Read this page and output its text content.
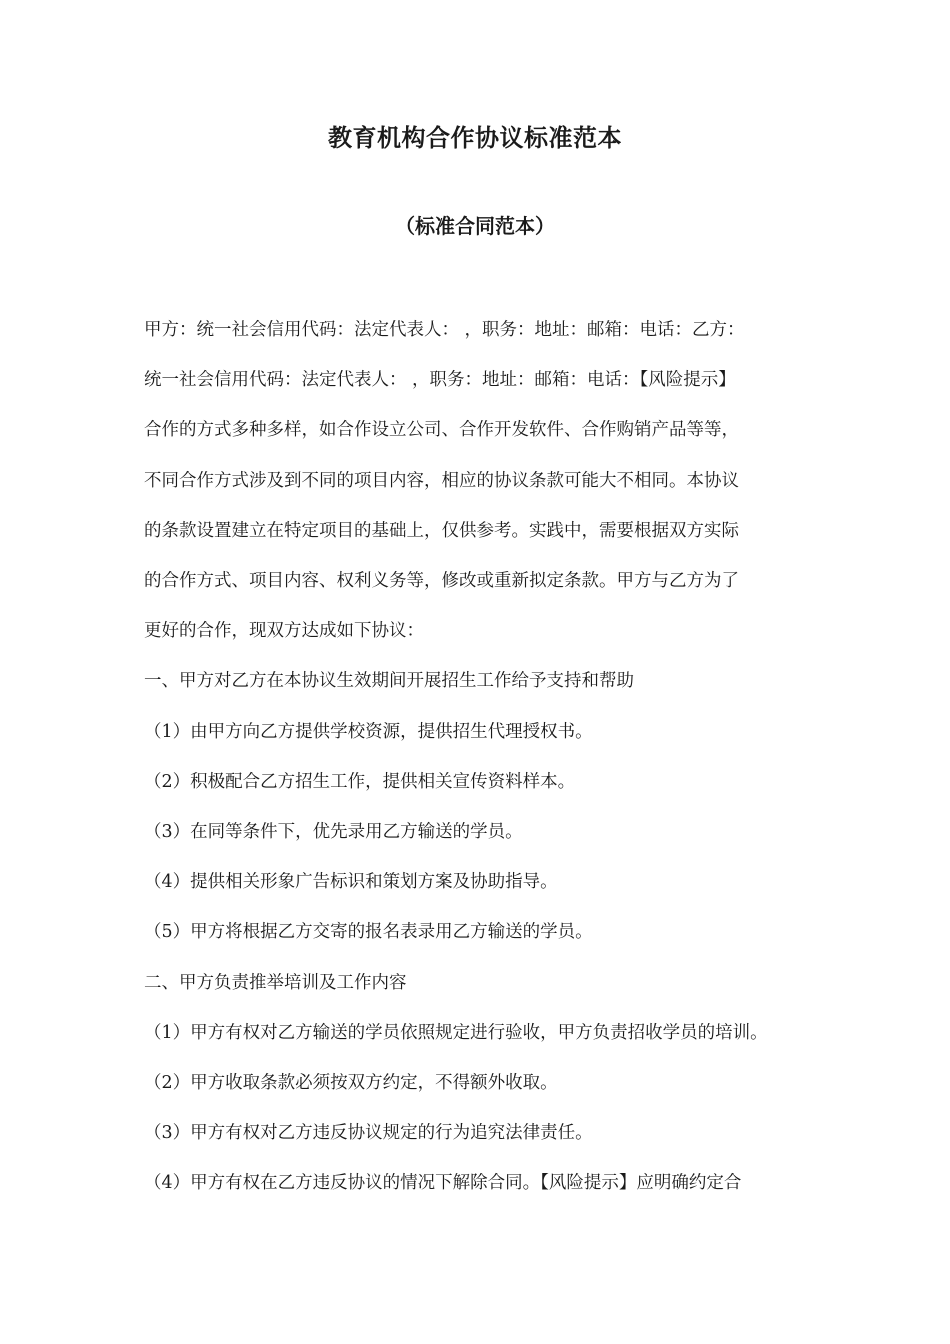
教育机构合作协议标准范本
（标准合同范本）

甲方：统一社会信用代码：法定代表人： ，职务：地址：邮箱：电话：乙方：

统一社会信用代码：法定代表人： ，职务：地址：邮箱：电话：【风险提示】

合作的方式多种多样，如合作设立公司、合作开发软件、合作购销产品等等，

不同合作方式涉及到不同的项目内容，相应的协议条款可能大不相同。本协议

的条款设置建立在特定项目的基础上，仅供参考。实践中，需要根据双方实际

的合作方式、项目内容、权利义务等，修改或重新拟定条款。甲方与乙方为了

更好的合作，现双方达成如下协议：

一、甲方对乙方在本协议生效期间开展招生工作给予支持和帮助

（1）由甲方向乙方提供学校资源，提供招生代理授权书。

（2）积极配合乙方招生工作，提供相关宣传资料样本。

（3）在同等条件下，优先录用乙方输送的学员。

（4）提供相关形象广告标识和策划方案及协助指导。

（5）甲方将根据乙方交寄的报名表录用乙方输送的学员。

二、甲方负责推举培训及工作内容

（1）甲方有权对乙方输送的学员依照规定进行验收，甲方负责招收学员的培训。

（2）甲方收取条款必须按双方约定，不得额外收取。

（3）甲方有权对乙方违反协议规定的行为追究法律责任。

（4）甲方有权在乙方违反协议的情况下解除合同。【风险提示】应明确约定合
